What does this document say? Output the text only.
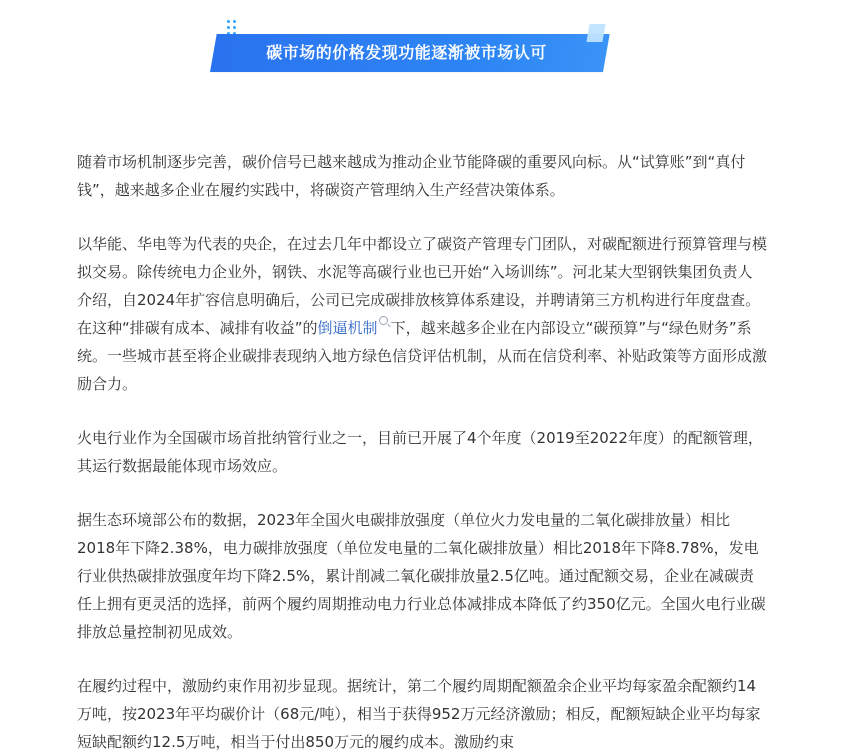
碳市场的价格发现功能逐渐被市场认可

随着市场机制逐步完善，碳价信号已越来越成为推动企业节能降碳的重要风向标。从“试算账”到“真付钱”，越来越多企业在履约实践中，将碳资产管理纳入生产经营决策体系。

以华能、华电等为代表的央企，在过去几年中都设立了碳资产管理专门团队，对碳配额进行预算管理与模拟交易。除传统电力企业外，钢铁、水泥等高碳行业也已开始“入场训练”。河北某大型钢铁集团负责人介绍，自2024年扩容信息明确后，公司已完成碳排放核算体系建设，并聘请第三方机构进行年度盘查。在这种“排碳有成本、减排有收益”的倒逼机制 下，越来越多企业在内部设立“碳预算”与“绿色财务”系统。一些城市甚至将企业碳排表现纳入地方绿色信贷评估机制，从而在信贷利率、补贴政策等方面形成激励合力。

火电行业作为全国碳市场首批纳管行业之一，目前已开展了4个年度（2019至2022年度）的配额管理，其运行数据最能体现市场效应。

据生态环境部公布的数据，2023年全国火电碳排放强度（单位火力发电量的二氧化碳排放量）相比2018年下降2.38%，电力碳排放强度（单位发电量的二氧化碳排放量）相比2018年下降8.78%，发电行业供热碳排放强度年均下降2.5%，累计削减二氧化碳排放量2.5亿吨。通过配额交易，企业在减碳责任上拥有更灵活的选择，前两个履约周期推动电力行业总体减排成本降低了约350亿元。全国火电行业碳排放总量控制初见成效。

在履约过程中，激励约束作用初步显现。据统计，第二个履约周期配额盈余企业平均每家盈余配额约14万吨，按2023年平均碳价计（68元/吨），相当于获得952万元经济激励；相反，配额短缺企业平均每家短缺配额约12.5万吨，相当于付出850万元的履约成本。激励约束
